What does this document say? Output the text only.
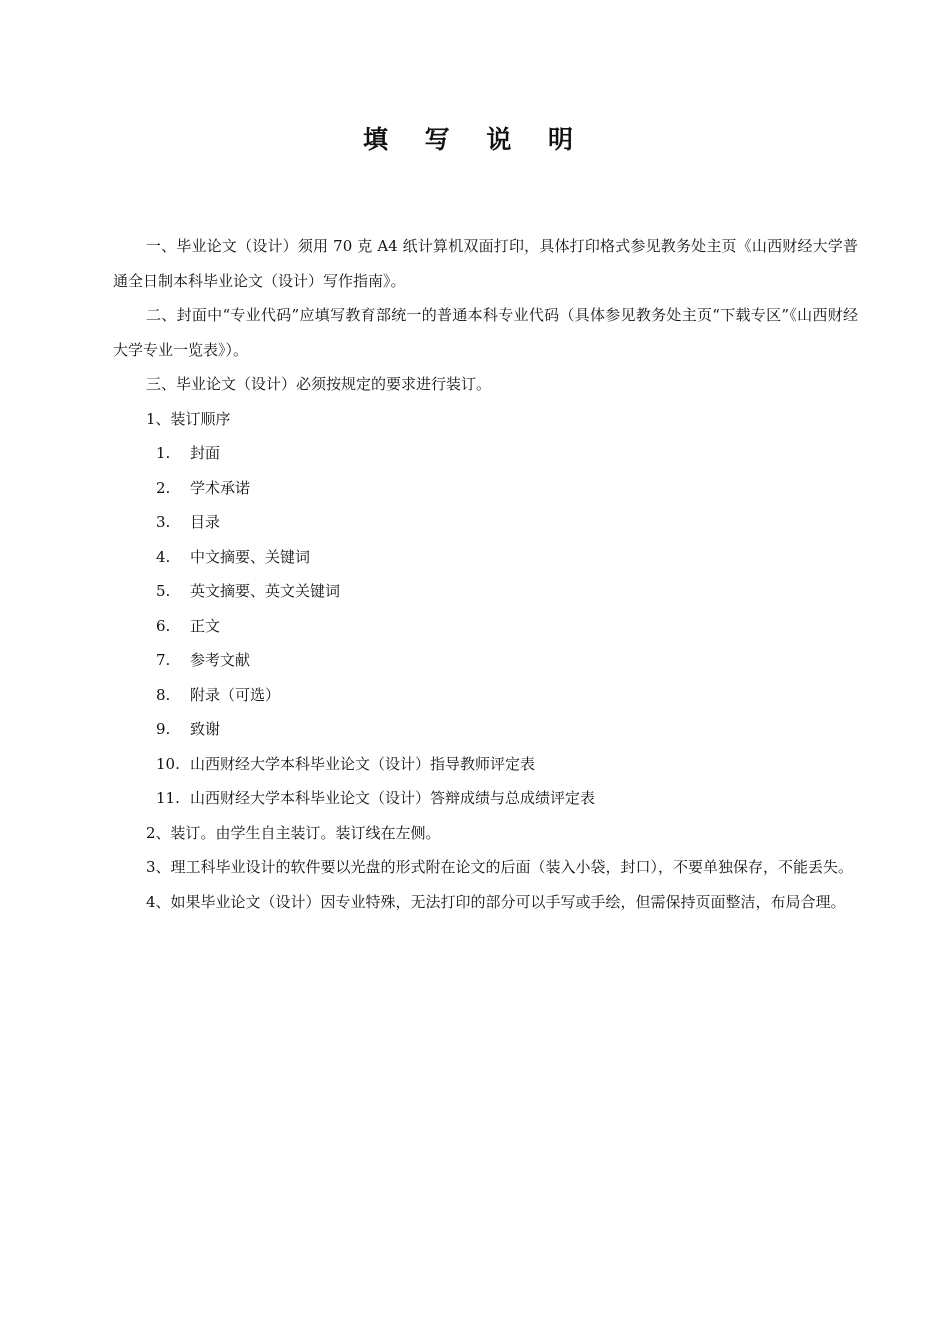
填 写 说 明

一、毕业论文（设计）须用 70 克 A4 纸计算机双面打印，具体打印格式参见教务处主页《山西财经大学普通全日制本科毕业论文（设计）写作指南》。

二、封面中“专业代码”应填写教育部统一的普通本科专业代码（具体参见教务处主页“下载专区”《山西财经大学专业一览表》）。

三、毕业论文（设计）必须按规定的要求进行装订。

1、装订顺序

1.	封面

2.	学术承诺

3.	目录

4.	中文摘要、关键词

5.	英文摘要、英文关键词

6.	正文

7.	参考文献

8.	附录（可选）

9.	致谢

10. 山西财经大学本科毕业论文（设计）指导教师评定表

11. 山西财经大学本科毕业论文（设计）答辩成绩与总成绩评定表

2、装订。由学生自主装订。装订线在左侧。

3、理工科毕业设计的软件要以光盘的形式附在论文的后面（装入小袋，封口），不要单独保存，不能丢失。

4、如果毕业论文（设计）因专业特殊，无法打印的部分可以手写或手绘，但需保持页面整洁，布局合理。
